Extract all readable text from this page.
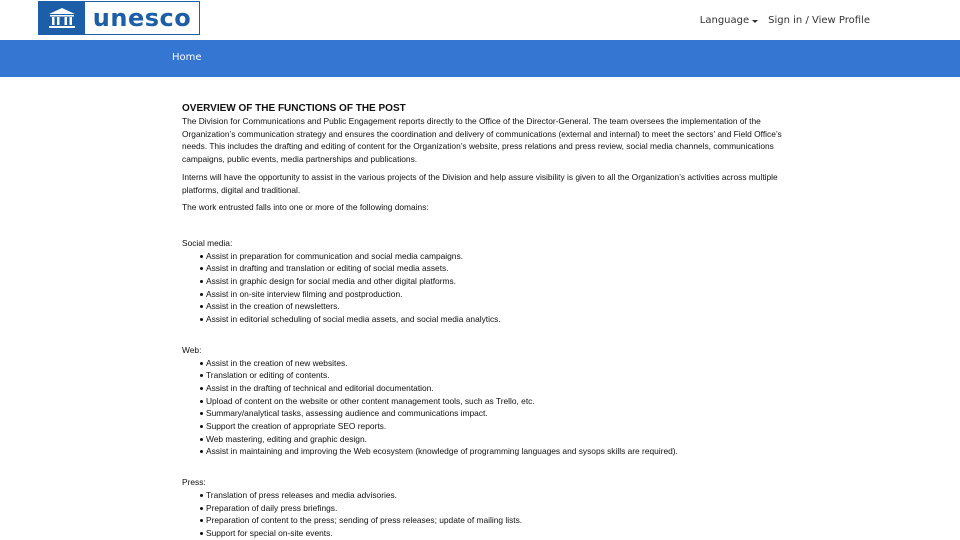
unesco	Language Sign in / View Profile
Home
OVERVIEW OF THE FUNCTIONS OF THE POST

The Division for Communications and Public Engagement reports directly to the Office of the Director-General. The team oversees the implementation of the Organization’s communication strategy and ensures the coordination and delivery of communications (external and internal) to meet the sectors’ and Field Office’s needs. This includes the drafting and editing of content for the Organization’s website, press relations and press review, social media channels, communications campaigns, public events, media partnerships and publications.

Interns will have the opportunity to assist in the various projects of the Division and help assure visibility is given to all the Organization’s activities across multiple platforms, digital and traditional.

The work entrusted falls into one or more of the following domains:

Social media:
Assist in preparation for communication and social media campaigns.
Assist in drafting and translation or editing of social media assets.
Assist in graphic design for social media and other digital platforms.
Assist in on-site interview filming and postproduction.
Assist in the creation of newsletters.
Assist in editorial scheduling of social media assets, and social media analytics.
Web:
Assist in the creation of new websites.
Translation or editing of contents.
Assist in the drafting of technical and editorial documentation.
Upload of content on the website or other content management tools, such as Trello, etc.
Summary/analytical tasks, assessing audience and communications impact.
Support the creation of appropriate SEO reports.
Web mastering, editing and graphic design.
Assist in maintaining and improving the Web ecosystem (knowledge of programming languages and sysops skills are required).
Press:
Translation of press releases and media advisories.
Preparation of daily press briefings.
Preparation of content to the press; sending of press releases; update of mailing lists.
Support for special on-site events.
